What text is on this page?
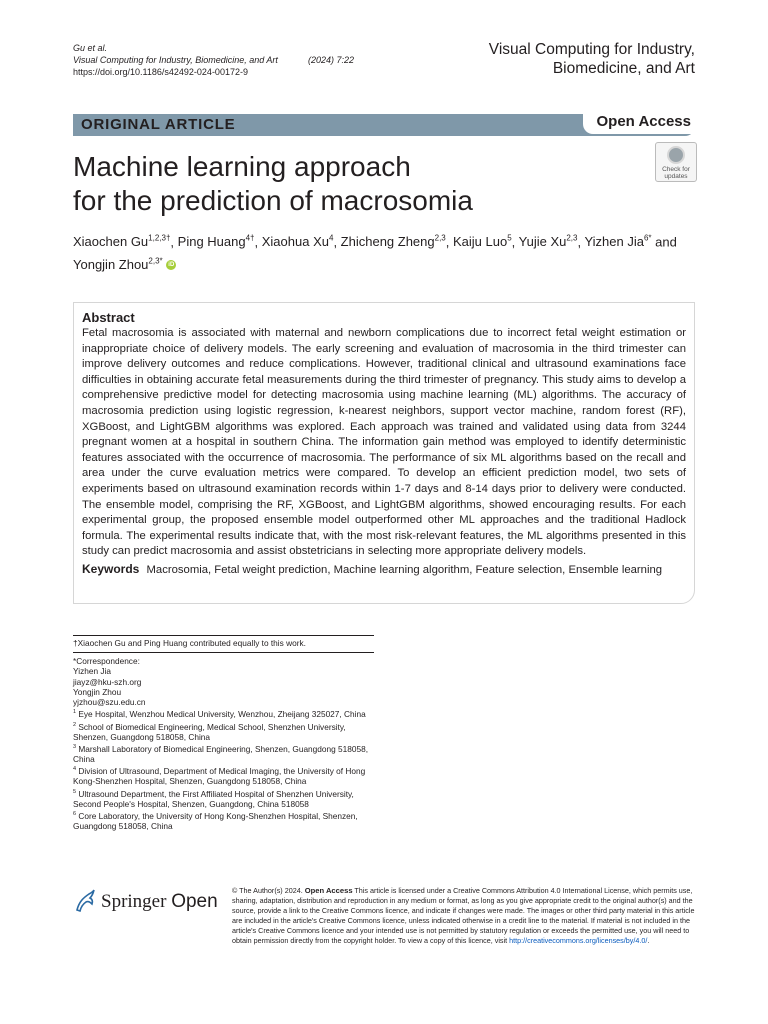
Gu et al.
Visual Computing for Industry, Biomedicine, and Art	(2024) 7:22
https://doi.org/10.1186/s42492-024-00172-9
Visual Computing for Industry,
Biomedicine, and Art
ORIGINAL ARTICLE	Open Access
Machine learning approach
for the prediction of macrosomia
Check for
updates
Xiaochen $Gu^{1,2,3\dagger}$, Ping Huang$^{4\dagger}$, Xiaohua Xu$^4$, Zhicheng Zheng$^{2,3}$, Kaiju Luo$^5$, Yujie Xu$^{2,3}$, Yizhen Jia$^{6*}$ and
Yongjin Zhou$^{2,3*}$ iD
Abstract

Fetal macrosomia is associated with maternal and newborn complications due to incorrect fetal weight estimation or inappropriate choice of delivery models. The early screening and evaluation of macrosomia in the third trimester can improve delivery outcomes and reduce complications. However, traditional clinical and ultrasound examinations face difficulties in obtaining accurate fetal measurements during the third trimester of pregnancy. This study aims to develop a comprehensive predictive model for detecting macrosomia using machine learning (ML) algorithms. The accuracy of macrosomia prediction using logistic regression, k-nearest neighbors, support vector machine, random forest (RF), XGBoost, and LightGBM algorithms was explored. Each approach was trained and validated using data from 3244 pregnant women at a hospital in southern China. The information gain method was employed to identify deterministic features associated with the occurrence of macrosomia. The performance of six ML algorithms based on the recall and area under the curve evaluation metrics were compared. To develop an efficient prediction model, two sets of experiments based on ultrasound examination records within 1-7 days and 8-14 days prior to delivery were conducted. The ensemble model, comprising the RF, XGBoost, and LightGBM algorithms, showed encouraging results. For each experimental group, the proposed ensemble model outperformed other ML approaches and the traditional Hadlock formula. The experimental results indicate that, with the most risk-relevant features, the ML algorithms presented in this study can predict macrosomia and assist obstetricians in selecting more appropriate delivery models.

Keywords Macrosomia, Fetal weight prediction, Machine learning algorithm, Feature selection, Ensemble learning
†Xiaochen Gu and Ping Huang contributed equally to this work.
*Correspondence:
Yizhen Jia
jiayz@hku-szh.org
Yongjin Zhou
yjzhou@szu.edu.cn
$^1$ Eye Hospital, Wenzhou Medical University, Wenzhou, Zheijang 325027, China
$^2$ School of Biomedical Engineering, Medical School, Shenzhen University, Shenzen, Guangdong 518058, China
$^3$ Marshall Laboratory of Biomedical Engineering, Shenzen, Guangdong 518058, China
$^4$ Division of Ultrasound, Department of Medical Imaging, the University of Hong Kong-Shenzhen Hospital, Shenzen, Guangdong 518058, China
$^5$ Ultrasound Department, the First Affiliated Hospital of Shenzhen University, Second People's Hospital, Shenzen, Guangdong, China 518058
$^6$ Core Laboratory, the University of Hong Kong-Shenzhen Hospital, Shenzen, Guangdong 518058, China
Springer Open
© The Author(s) 2024. Open Access This article is licensed under a Creative Commons Attribution 4.0 International License, which permits use, sharing, adaptation, distribution and reproduction in any medium or format, as long as you give appropriate credit to the original author(s) and the source, provide a link to the Creative Commons licence, and indicate if changes were made. The images or other third party material in this article are included in the article's Creative Commons licence, unless indicated otherwise in a credit line to the material. If material is not included in the article's Creative Commons licence and your intended use is not permitted by statutory regulation or exceeds the permitted use, you will need to obtain permission directly from the copyright holder. To view a copy of this licence, visit http://creativecommons.org/licenses/by/4.0/.
